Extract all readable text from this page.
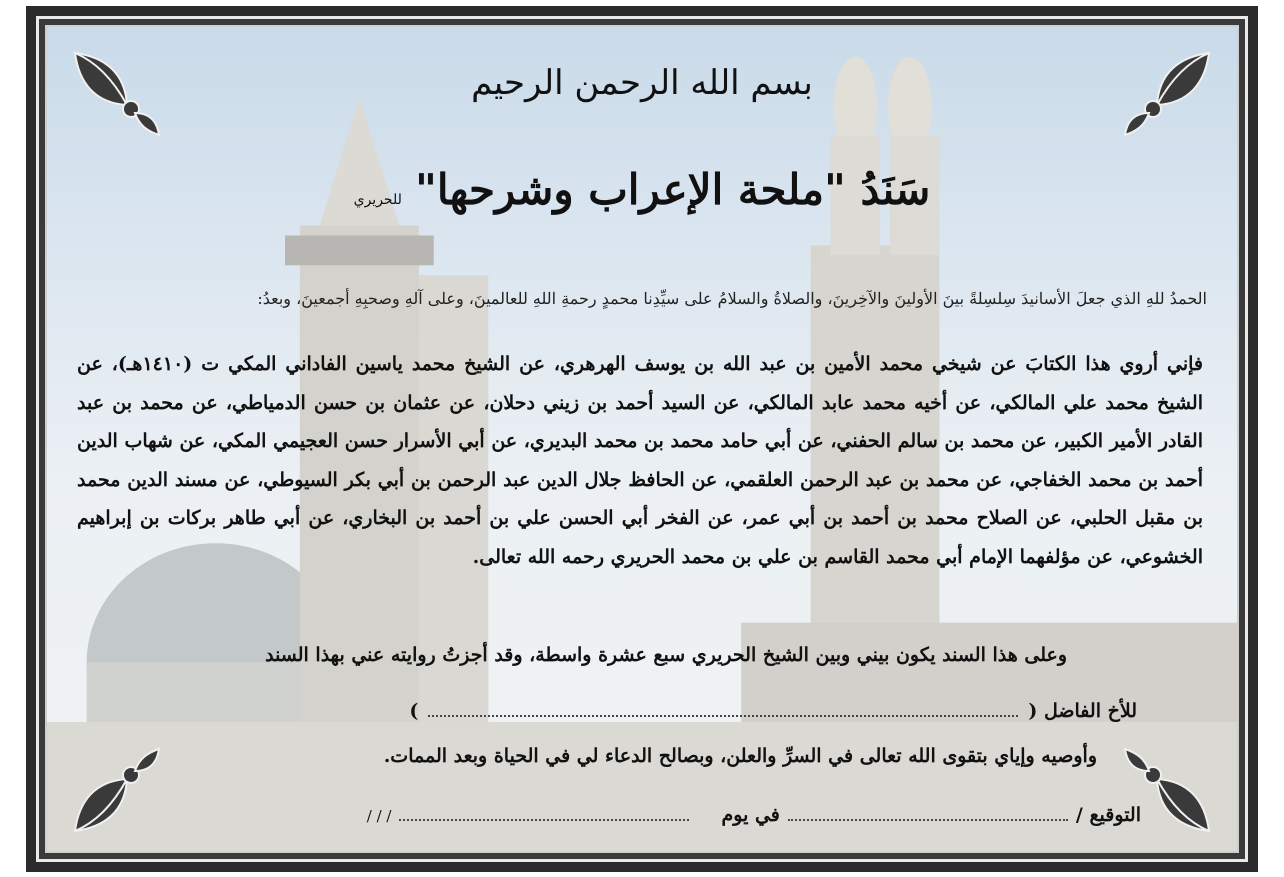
بسم الله الرحمن الرحيم
سَنَدُ "ملحة الإعراب وشرحها" للحريري
الحمدُ للهِ الذي جعلَ الأسانيدَ سِلسِلةً بينَ الأولينَ والآخِرينَ، والصلاةُ والسلامُ على سيِّدِنا محمدٍ رحمةِ اللهِ للعالمينَ، وعلى آلهِ وصحبِهِ أجمعينَ، وبعدُ:
فإني أروي هذا الكتابَ عن شيخي محمد الأمين بن عبد الله بن يوسف الهرهري، عن الشيخ محمد ياسين الفاداني المكي ت (١٤١٠هـ)، عن الشيخ محمد علي المالكي، عن أخيه محمد عابد المالكي، عن السيد أحمد بن زيني دحلان، عن عثمان بن حسن الدمياطي، عن محمد بن عبد القادر الأمير الكبير، عن محمد بن سالم الحفني، عن أبي حامد محمد بن محمد البديري، عن أبي الأسرار حسن العجيمي المكي، عن شهاب الدين أحمد بن محمد الخفاجي، عن محمد بن عبد الرحمن العلقمي، عن الحافظ جلال الدين عبد الرحمن بن أبي بكر السيوطي، عن مسند الدين محمد بن مقبل الحلبي، عن الصلاح محمد بن أحمد بن أبي عمر، عن الفخر أبي الحسن علي بن أحمد بن البخاري، عن أبي طاهر بركات بن إبراهيم الخشوعي، عن مؤلفهما الإمام أبي محمد القاسم بن علي بن محمد الحريري رحمه الله تعالى.
وعلى هذا السند يكون بيني وبين الشيخ الحريري سبع عشرة واسطة، وقد أجزتُ روايته عني بهذا السند
للأخ الفاضل (
)
وأوصيه وإياي بتقوى الله تعالى في السرِّ والعلن، وبصالح الدعاء لي في الحياة وبعد الممات.
التوقيع /
في يوم
/ / /
